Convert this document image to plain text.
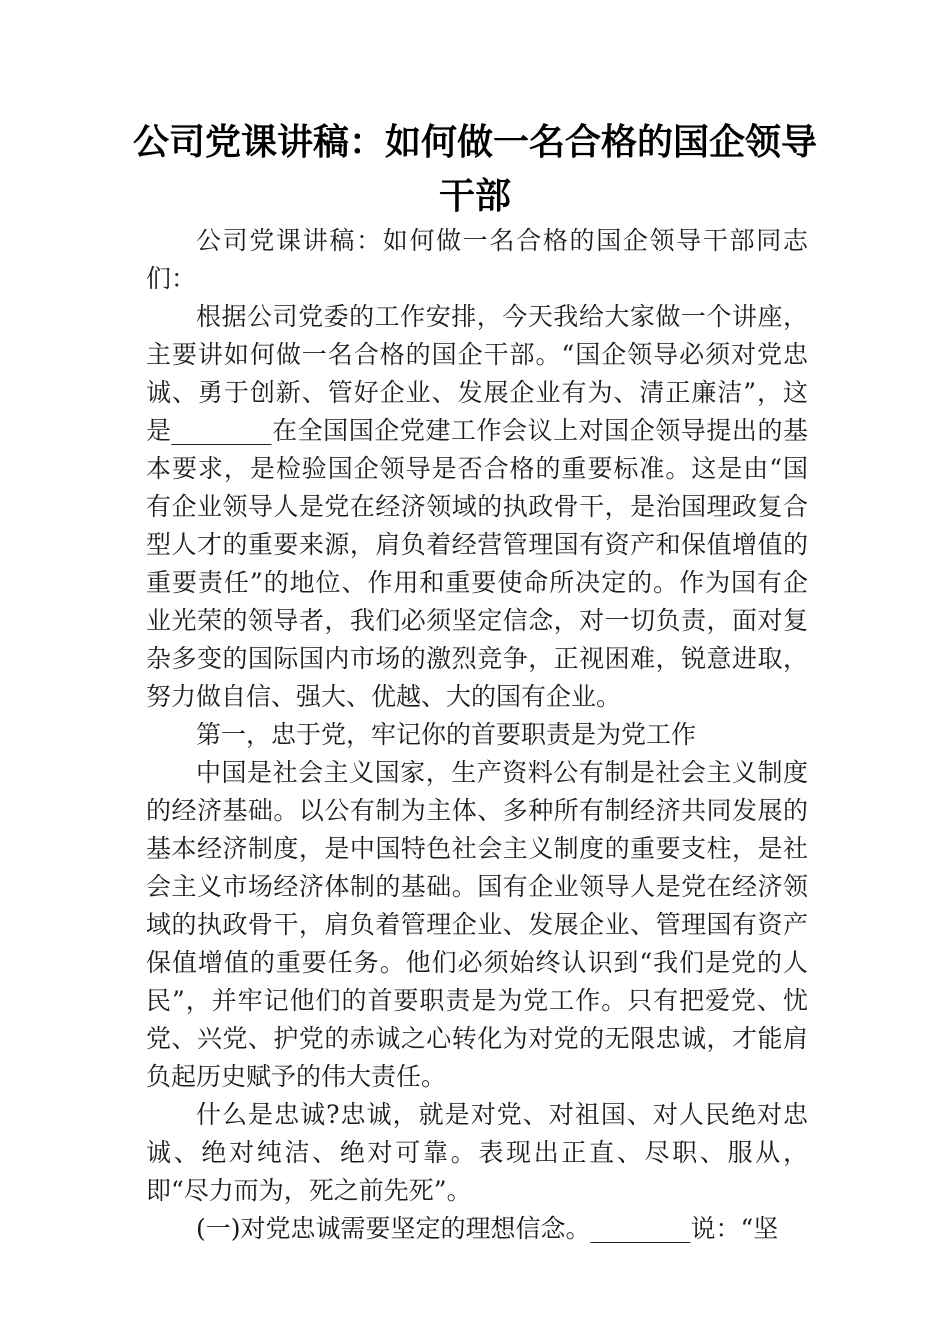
公司党课讲稿：如何做一名合格的国企领导干部

公司党课讲稿：如何做一名合格的国企领导干部同志们：

根据公司党委的工作安排，今天我给大家做一个讲座，主要讲如何做一名合格的国企干部。“国企领导必须对党忠诚、勇于创新、管好企业、发展企业有为、清正廉洁”，这是________在全国国企党建工作会议上对国企领导提出的基本要求，是检验国企领导是否合格的重要标准。这是由“国有企业领导人是党在经济领域的执政骨干，是治国理政复合型人才的重要来源，肩负着经营管理国有资产和保值增值的重要责任”的地位、作用和重要使命所决定的。作为国有企业光荣的领导者，我们必须坚定信念，对一切负责，面对复杂多变的国际国内市场的激烈竞争，正视困难，锐意进取，努力做自信、强大、优越、大的国有企业。

第一，忠于党，牢记你的首要职责是为党工作

中国是社会主义国家，生产资料公有制是社会主义制度的经济基础。以公有制为主体、多种所有制经济共同发展的基本经济制度，是中国特色社会主义制度的重要支柱，是社会主义市场经济体制的基础。国有企业领导人是党在经济领域的执政骨干，肩负着管理企业、发展企业、管理国有资产保值增值的重要任务。他们必须始终认识到“我们是党的人民”，并牢记他们的首要职责是为党工作。只有把爱党、忧党、兴党、护党的赤诚之心转化为对党的无限忠诚，才能肩负起历史赋予的伟大责任。

什么是忠诚?忠诚，就是对党、对祖国、对人民绝对忠诚、绝对纯洁、绝对可靠。表现出正直、尽职、服从，即“尽力而为，死之前先死”。

(一)对党忠诚需要坚定的理想信念。________说：“坚
